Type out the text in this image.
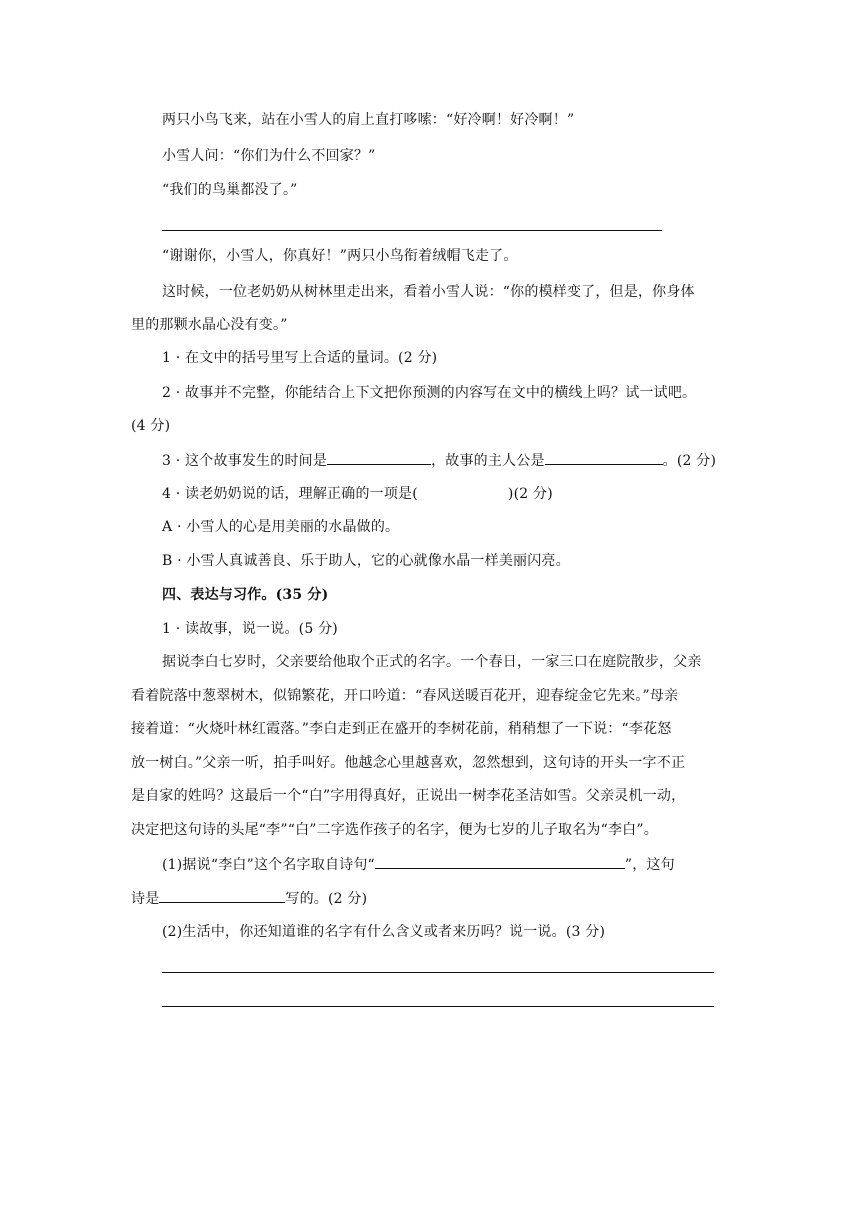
两只小鸟飞来，站在小雪人的肩上直打哆嗦：“好冷啊！好冷啊！”
小雪人问：“你们为什么不回家？”
“我们的鸟巢都没了。”
“谢谢你，小雪人，你真好！”两只小鸟衔着绒帽飞走了。
这时候，一位老奶奶从树林里走出来，看着小雪人说：“你的模样变了，但是，你身体
里的那颗水晶心没有变。”
1 · 在文中的括号里写上合适的量词。(2 分)
2 · 故事并不完整，你能结合上下文把你预测的内容写在文中的横线上吗？试一试吧。
(4 分)
3 · 这个故事发生的时间是	，故事的主人公是	。(2 分)
4 · 读老奶奶说的话，理解正确的一项是(	)(2 分)
A · 小雪人的心是用美丽的水晶做的。
B · 小雪人真诚善良、乐于助人，它的心就像水晶一样美丽闪亮。
四、表达与习作。(35 分)
1 · 读故事，说一说。(5 分)
据说李白七岁时，父亲要给他取个正式的名字。一个春日，一家三口在庭院散步，父亲
看着院落中葱翠树木，似锦繁花，开口吟道：“春风送暖百花开，迎春绽金它先来。”母亲
接着道：“火烧叶林红霞落。”李白走到正在盛开的李树花前，稍稍想了一下说：“李花怒
放一树白。”父亲一听，拍手叫好。他越念心里越喜欢，忽然想到，这句诗的开头一字不正
是自家的姓吗？这最后一个“白”字用得真好，正说出一树李花圣洁如雪。父亲灵机一动，
决定把这句诗的头尾“李”“白”二字选作孩子的名字，便为七岁的儿子取名为“李白”。
(1)据说“李白”这个名字取自诗句“	”，这句
诗是	写的。(2 分)
(2)生活中，你还知道谁的名字有什么含义或者来历吗？说一说。(3 分)
